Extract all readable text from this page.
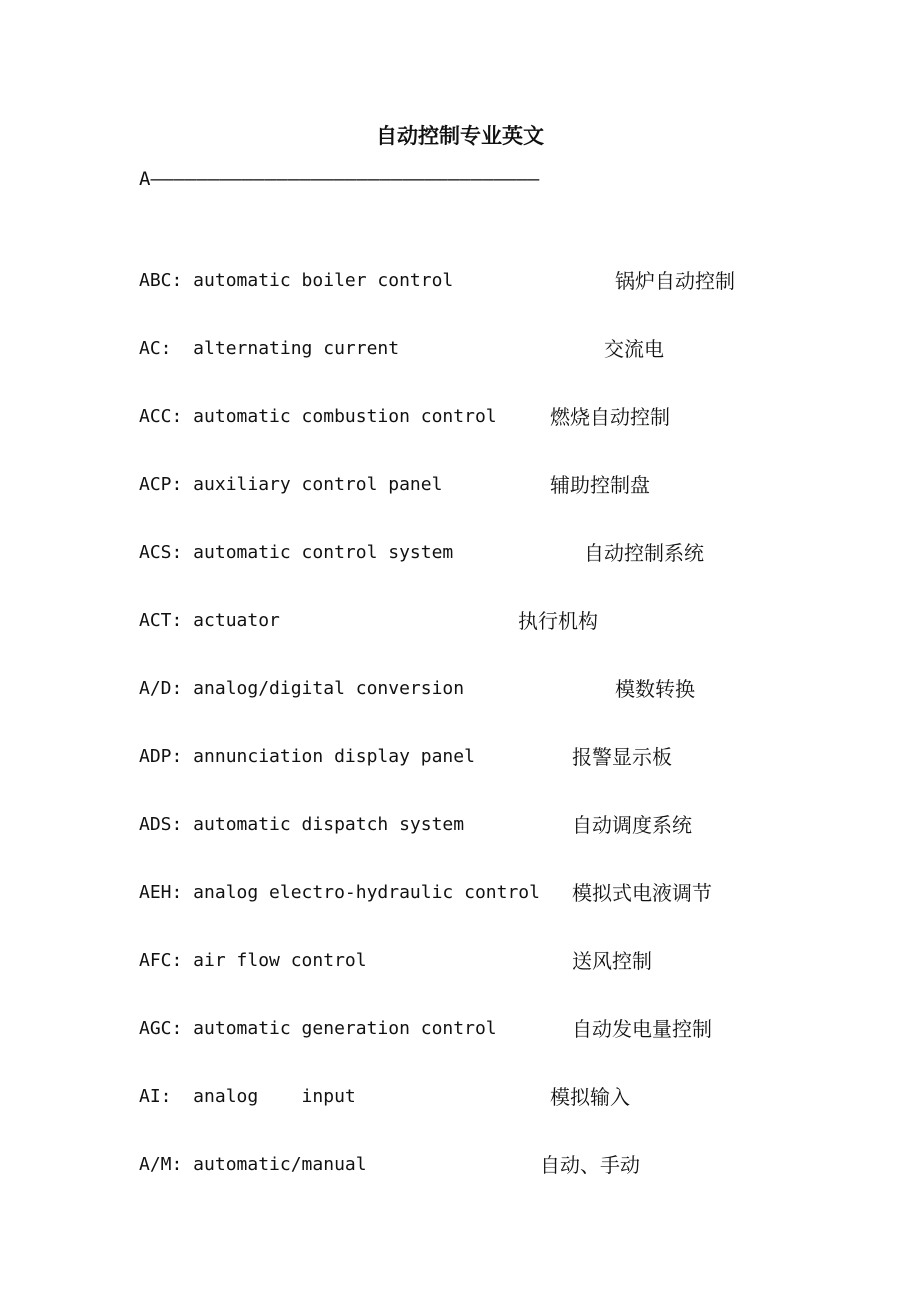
自动控制专业英文
A——————————————————————————————————
ABC: automatic boiler control	锅炉自动控制
AC:  alternating current	交流电
ACC: automatic combustion control	燃烧自动控制
ACP: auxiliary control panel	辅助控制盘
ACS: automatic control system	自动控制系统
ACT: actuator	执行机构
A/D: analog/digital conversion	模数转换
ADP: annunciation display panel	报警显示板
ADS: automatic dispatch system	自动调度系统
AEH: analog electro-hydraulic control 模拟式电液调节
AFC: air flow control	送风控制
AGC: automatic generation control	自动发电量控制
AI:  analog    input	模拟输入
A/M: automatic/manual	自动、手动
